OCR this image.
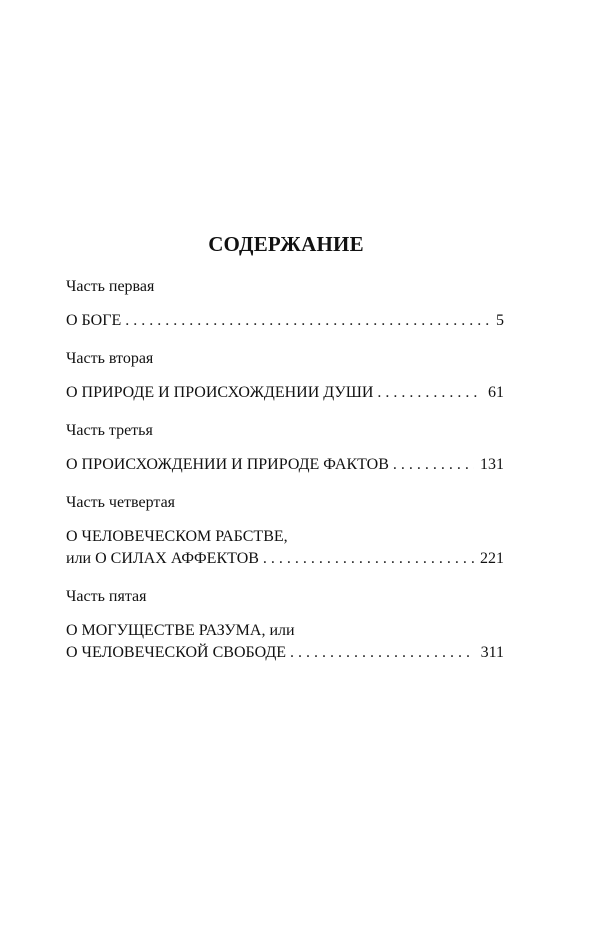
СОДЕРЖАНИЕ
Часть первая
О БОГЕ . . .	5
Часть вторая
О ПРИРОДЕ И ПРОИСХОЖДЕНИИ ДУШИ . . .	61
Часть третья
О ПРОИСХОЖДЕНИИ И ПРИРОДЕ ФАКТОВ . . .	131
Часть четвертая
О ЧЕЛОВЕЧЕСКОМ РАБСТВЕ,
или О СИЛАХ АФФЕКТОВ . . .	221
Часть пятая
О МОГУЩЕСТВЕ РАЗУМА, или
О ЧЕЛОВЕЧЕСКОЙ СВОБОДЕ . . .	311
